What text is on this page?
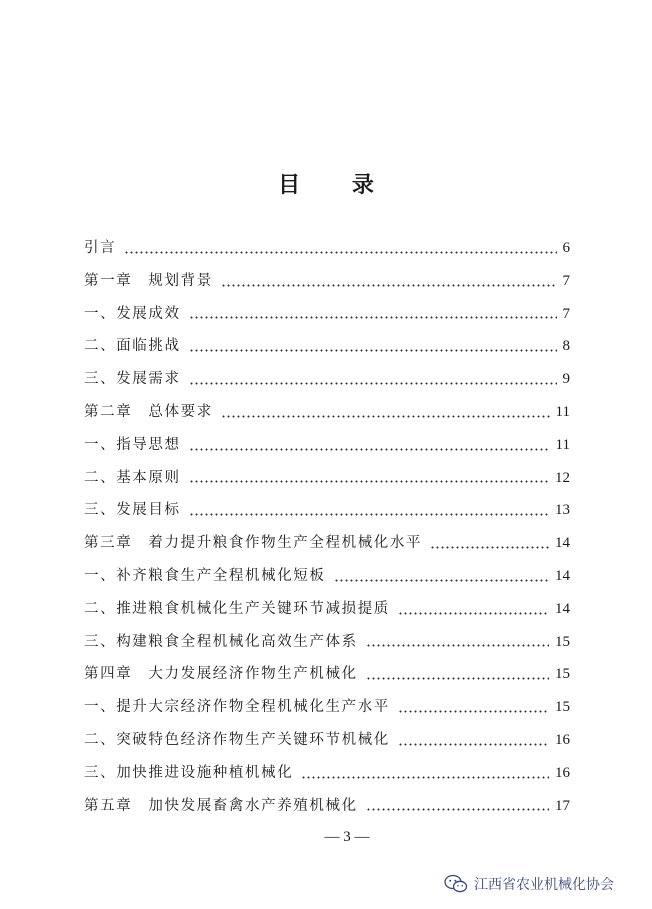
目 录
引言	6
第一章　规划背景	7
一、发展成效	7
二、面临挑战	8
三、发展需求	9
第二章　总体要求	11
一、指导思想	11
二、基本原则	12
三、发展目标	13
第三章　着力提升粮食作物生产全程机械化水平	14
一、补齐粮食生产全程机械化短板	14
二、推进粮食机械化生产关键环节减损提质	14
三、构建粮食全程机械化高效生产体系	15
第四章　大力发展经济作物生产机械化	15
一、提升大宗经济作物全程机械化生产水平	15
二、突破特色经济作物生产关键环节机械化	16
三、加快推进设施种植机械化	16
第五章　加快发展畜禽水产养殖机械化	17
— 3 —
江西省农业机械化协会
